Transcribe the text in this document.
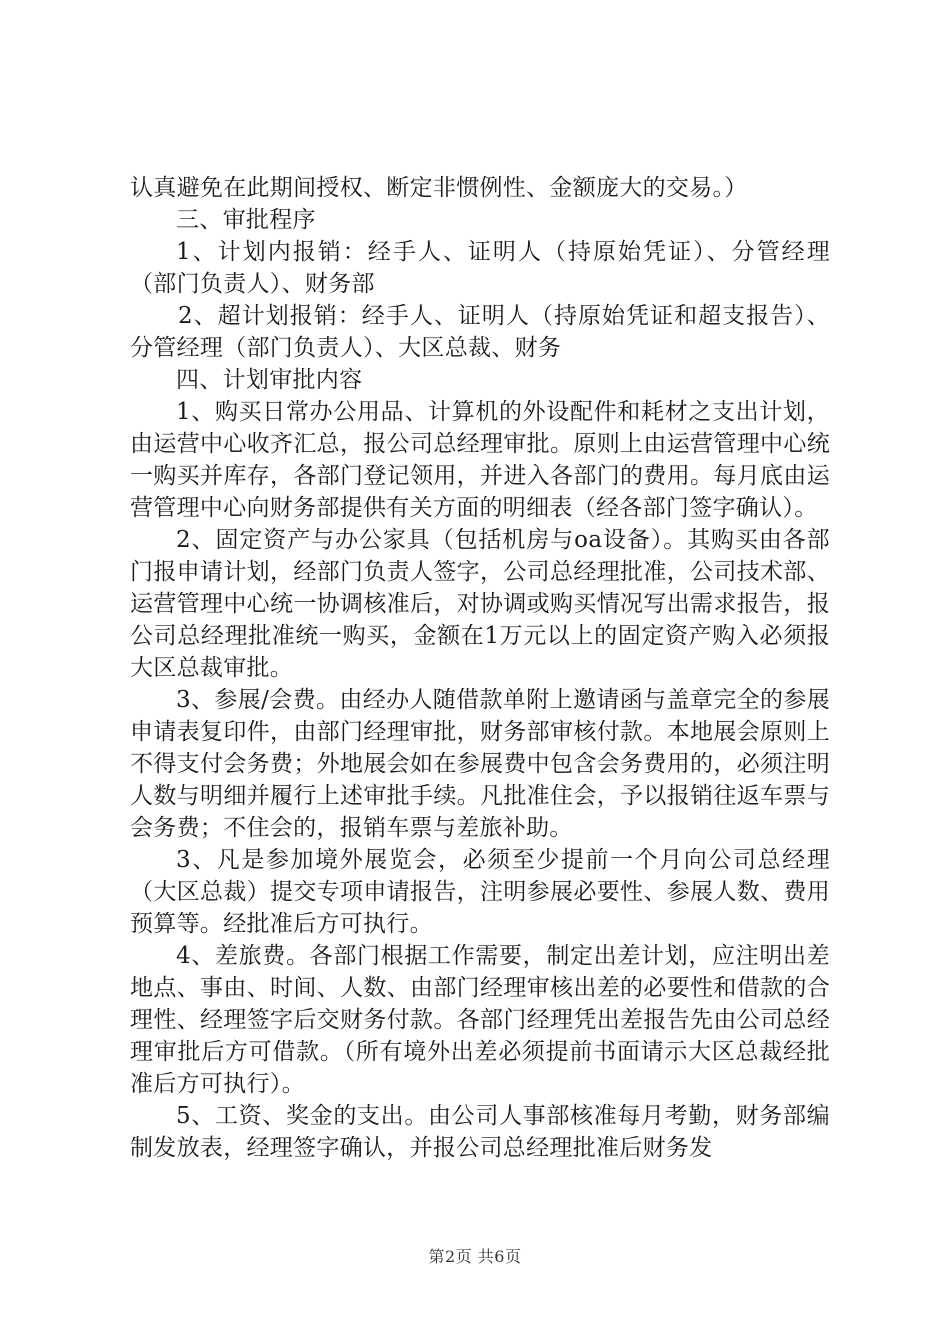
认真避免在此期间授权、断定非惯例性、金额庞大的交易。）

三、审批程序

1、计划内报销：经手人、证明人（持原始凭证）、分管经理（部门负责人）、财务部

2、超计划报销：经手人、证明人（持原始凭证和超支报告）、分管经理（部门负责人）、大区总裁、财务

四、计划审批内容

1、购买日常办公用品、计算机的外设配件和耗材之支出计划，由运营中心收齐汇总，报公司总经理审批。原则上由运营管理中心统一购买并库存，各部门登记领用，并进入各部门的费用。每月底由运营管理中心向财务部提供有关方面的明细表（经各部门签字确认）。

2、固定资产与办公家具（包括机房与oa设备）。其购买由各部门报申请计划，经部门负责人签字，公司总经理批准，公司技术部、运营管理中心统一协调核准后，对协调或购买情况写出需求报告，报公司总经理批准统一购买，金额在1万元以上的固定资产购入必须报大区总裁审批。

3、参展/会费。由经办人随借款单附上邀请函与盖章完全的参展申请表复印件，由部门经理审批，财务部审核付款。本地展会原则上不得支付会务费；外地展会如在参展费中包含会务费用的，必须注明人数与明细并履行上述审批手续。凡批准住会，予以报销往返车票与会务费；不住会的，报销车票与差旅补助。

3、凡是参加境外展览会，必须至少提前一个月向公司总经理（大区总裁）提交专项申请报告，注明参展必要性、参展人数、费用预算等。经批准后方可执行。

4、差旅费。各部门根据工作需要，制定出差计划，应注明出差地点、事由、时间、人数、由部门经理审核出差的必要性和借款的合理性、经理签字后交财务付款。各部门经理凭出差报告先由公司总经理审批后方可借款。（所有境外出差必须提前书面请示大区总裁经批准后方可执行）。

5、工资、奖金的支出。由公司人事部核准每月考勤，财务部编制发放表，经理签字确认，并报公司总经理批准后财务发

第2页 共6页
